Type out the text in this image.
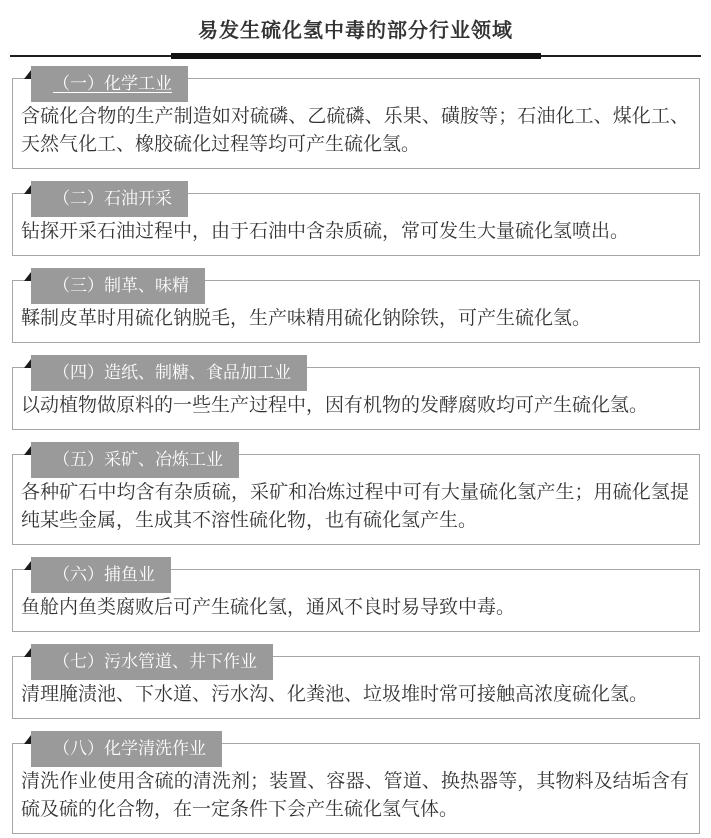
易发生硫化氢中毒的部分行业领域
（一）化学工业

含硫化合物的生产制造如对硫磷、乙硫磷、乐果、磺胺等；石油化工、煤化工、天然气化工、橡胶硫化过程等均可产生硫化氢。

（二）石油开采

钻探开采石油过程中，由于石油中含杂质硫，常可发生大量硫化氢喷出。

（三）制革、味精

鞣制皮革时用硫化钠脱毛，生产味精用硫化钠除铁，可产生硫化氢。

（四）造纸、制糖、食品加工业

以动植物做原料的一些生产过程中，因有机物的发酵腐败均可产生硫化氢。

（五）采矿、冶炼工业

各种矿石中均含有杂质硫，采矿和冶炼过程中可有大量硫化氢产生；用硫化氢提纯某些金属，生成其不溶性硫化物，也有硫化氢产生。

（六）捕鱼业

鱼舱内鱼类腐败后可产生硫化氢，通风不良时易导致中毒。

（七）污水管道、井下作业

清理腌渍池、下水道、污水沟、化粪池、垃圾堆时常可接触高浓度硫化氢。

（八）化学清洗作业

清洗作业使用含硫的清洗剂；装置、容器、管道、换热器等，其物料及结垢含有硫及硫的化合物，在一定条件下会产生硫化氢气体。
